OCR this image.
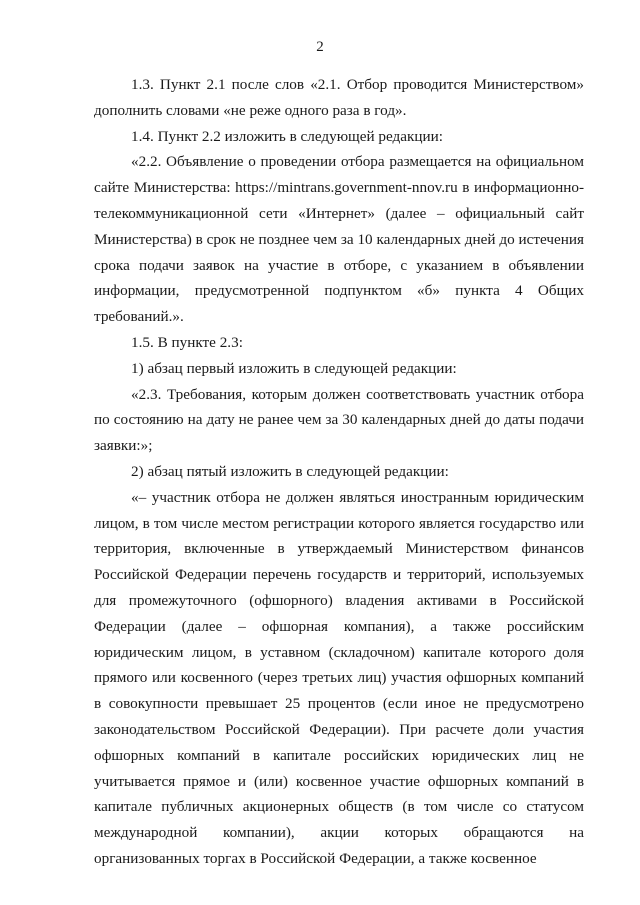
2

1.3. Пункт 2.1 после слов «2.1. Отбор проводится Министерством» дополнить словами «не реже одного раза в год».

1.4. Пункт 2.2 изложить в следующей редакции:

«2.2. Объявление о проведении отбора размещается на официальном сайте Министерства: https://mintrans.government-nnov.ru в информационно-телекоммуникационной сети «Интернет» (далее – официальный сайт Министерства) в срок не позднее чем за 10 календарных дней до истечения срока подачи заявок на участие в отборе, с указанием в объявлении информации, предусмотренной подпунктом «б» пункта 4 Общих требований.».

1.5. В пункте 2.3:

1) абзац первый изложить в следующей редакции:

«2.3. Требования, которым должен соответствовать участник отбора по состоянию на дату не ранее чем за 30 календарных дней до даты подачи заявки:»;

2) абзац пятый изложить в следующей редакции:

«– участник отбора не должен являться иностранным юридическим лицом, в том числе местом регистрации которого является государство или территория, включенные в утверждаемый Министерством финансов Российской Федерации перечень государств и территорий, используемых для промежуточного (офшорного) владения активами в Российской Федерации (далее – офшорная компания), а также российским юридическим лицом, в уставном (складочном) капитале которого доля прямого или косвенного (через третьих лиц) участия офшорных компаний в совокупности превышает 25 процентов (если иное не предусмотрено законодательством Российской Федерации). При расчете доли участия офшорных компаний в капитале российских юридических лиц не учитывается прямое и (или) косвенное участие офшорных компаний в капитале публичных акционерных обществ (в том числе со статусом международной компании), акции которых обращаются на организованных торгах в Российской Федерации, а также косвенное
